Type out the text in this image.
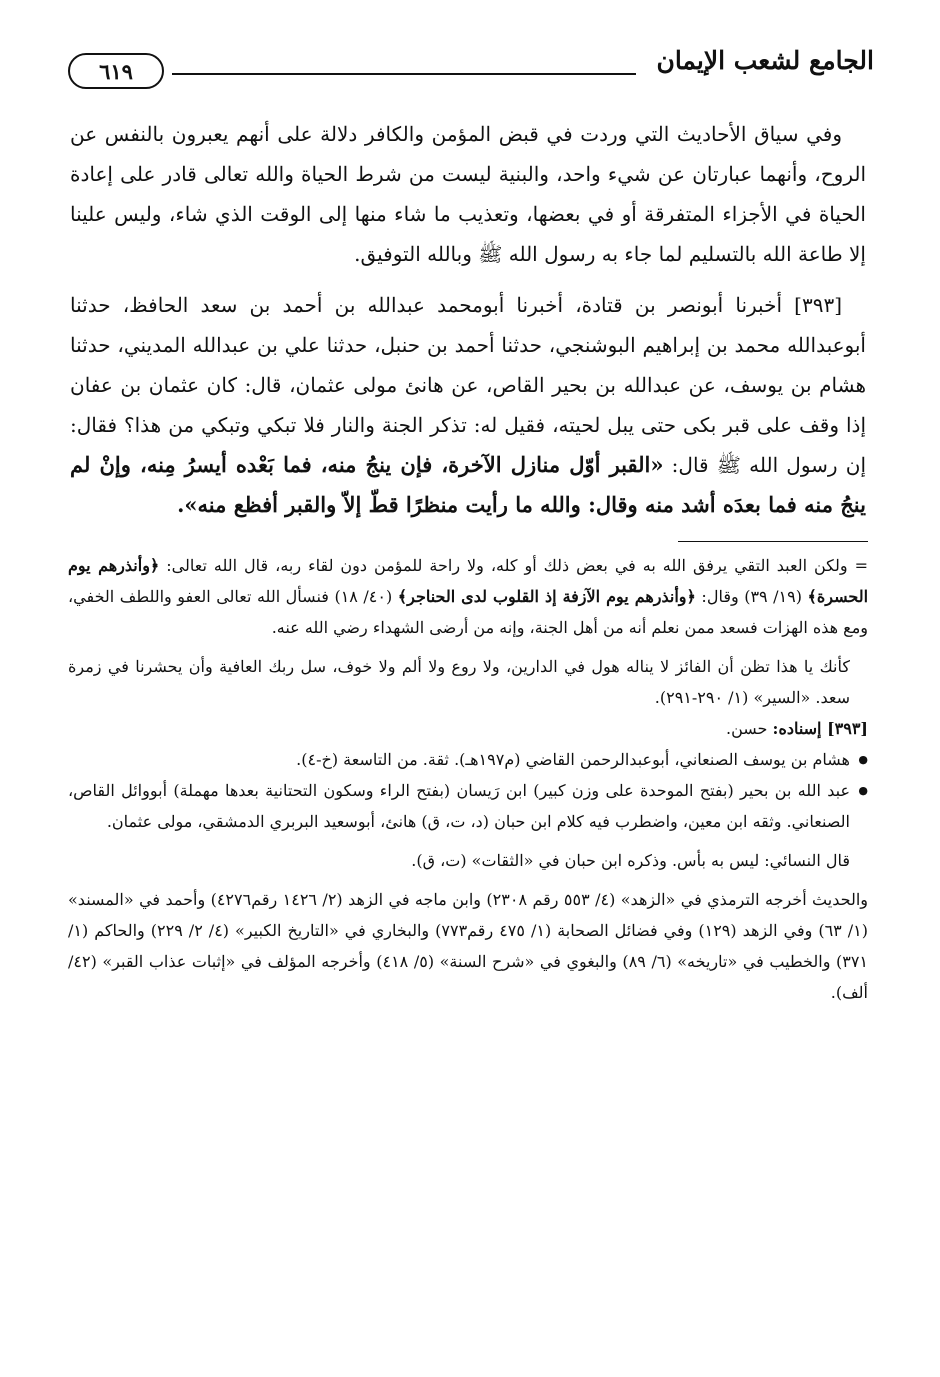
الجامع لشعب الإيمان
٦١٩

وفي سياق الأحاديث التي وردت في قبض المؤمن والكافر دلالة على أنهم يعبرون بالنفس عن الروح، وأنهما عبارتان عن شيء واحد، والبنية ليست من شرط الحياة والله تعالى قادر على إعادة الحياة في الأجزاء المتفرقة أو في بعضها، وتعذيب ما شاء منها إلى الوقت الذي شاء، وليس علينا إلا طاعة الله بالتسليم لما جاء به رسول الله ﷺ وبالله التوفيق.

[٣٩٣] أخبرنا أبونصر بن قتادة، أخبرنا أبومحمد عبدالله بن أحمد بن سعد الحافظ، حدثنا أبوعبدالله محمد بن إبراهيم البوشنجي، حدثنا أحمد بن حنبل، حدثنا علي بن عبدالله المديني، حدثنا هشام بن يوسف، عن عبدالله بن بحير القاص، عن هانئ مولى عثمان، قال: كان عثمان بن عفان إذا وقف على قبر بكى حتى يبل لحيته، فقيل له: تذكر الجنة والنار فلا تبكي وتبكي من هذا؟ فقال: إن رسول الله ﷺ قال: «القبر أوّل منازل الآخرة، فإن ينجُ منه، فما بَعْده أيسرُ مِنه، وإنْ لم ينجُ منه فما بعدَه أشد منه وقال: والله ما رأيت منظرًا قطّ إلاّ والقبر أفظع منه».

= ولكن العبد التقي يرفق الله به في بعض ذلك أو كله، ولا راحة للمؤمن دون لقاء ربه، قال الله تعالى: ﴿وأنذرهم يوم الحسرة﴾ (١٩/ ٣٩) وقال: ﴿وأنذرهم يوم الآزفة إذ القلوب لدى الحناجر﴾ (٤٠/ ١٨) فنسأل الله تعالى العفو واللطف الخفي، ومع هذه الهزات فسعد ممن نعلم أنه من أهل الجنة، وإنه من أرضى الشهداء رضي الله عنه.

كأنك يا هذا تظن أن الفائز لا يناله هول في الدارين، ولا روع ولا ألم ولا خوف، سل ربك العافية وأن يحشرنا في زمرة سعد. «السير» (١/ ٢٩٠-٢٩١).

[٣٩٣] إسناده: حسن.

● هشام بن يوسف الصنعاني، أبوعبدالرحمن القاضي (م١٩٧هـ). ثقة. من التاسعة (خ-٤).

● عبد الله بن بحير (بفتح الموحدة على وزن كبير) ابن رَيسان (بفتح الراء وسكون التحتانية بعدها مهملة) أبووائل القاص، الصنعاني. وثقه ابن معين، واضطرب فيه كلام ابن حبان (د، ت، ق) هانئ، أبوسعيد البربري الدمشقي، مولى عثمان.

قال النسائي: ليس به بأس. وذكره ابن حبان في «الثقات» (ت، ق).

والحديث أخرجه الترمذي في «الزهد» (٤/ ٥٥٣ رقم ٢٣٠٨) وابن ماجه في الزهد (٢/ ١٤٢٦ رقم٤٢٧٦) وأحمد في «المسند» (١/ ٦٣) وفي الزهد (١٢٩) وفي فضائل الصحابة (١/ ٤٧٥ رقم٧٧٣) والبخاري في «التاريخ الكبير» (٤/ ٢/ ٢٢٩) والحاكم (١/ ٣٧١) والخطيب في «تاريخه» (٦/ ٨٩) والبغوي في «شرح السنة» (٥/ ٤١٨) وأخرجه المؤلف في «إثبات عذاب القبر» (٤٢/ألف).
